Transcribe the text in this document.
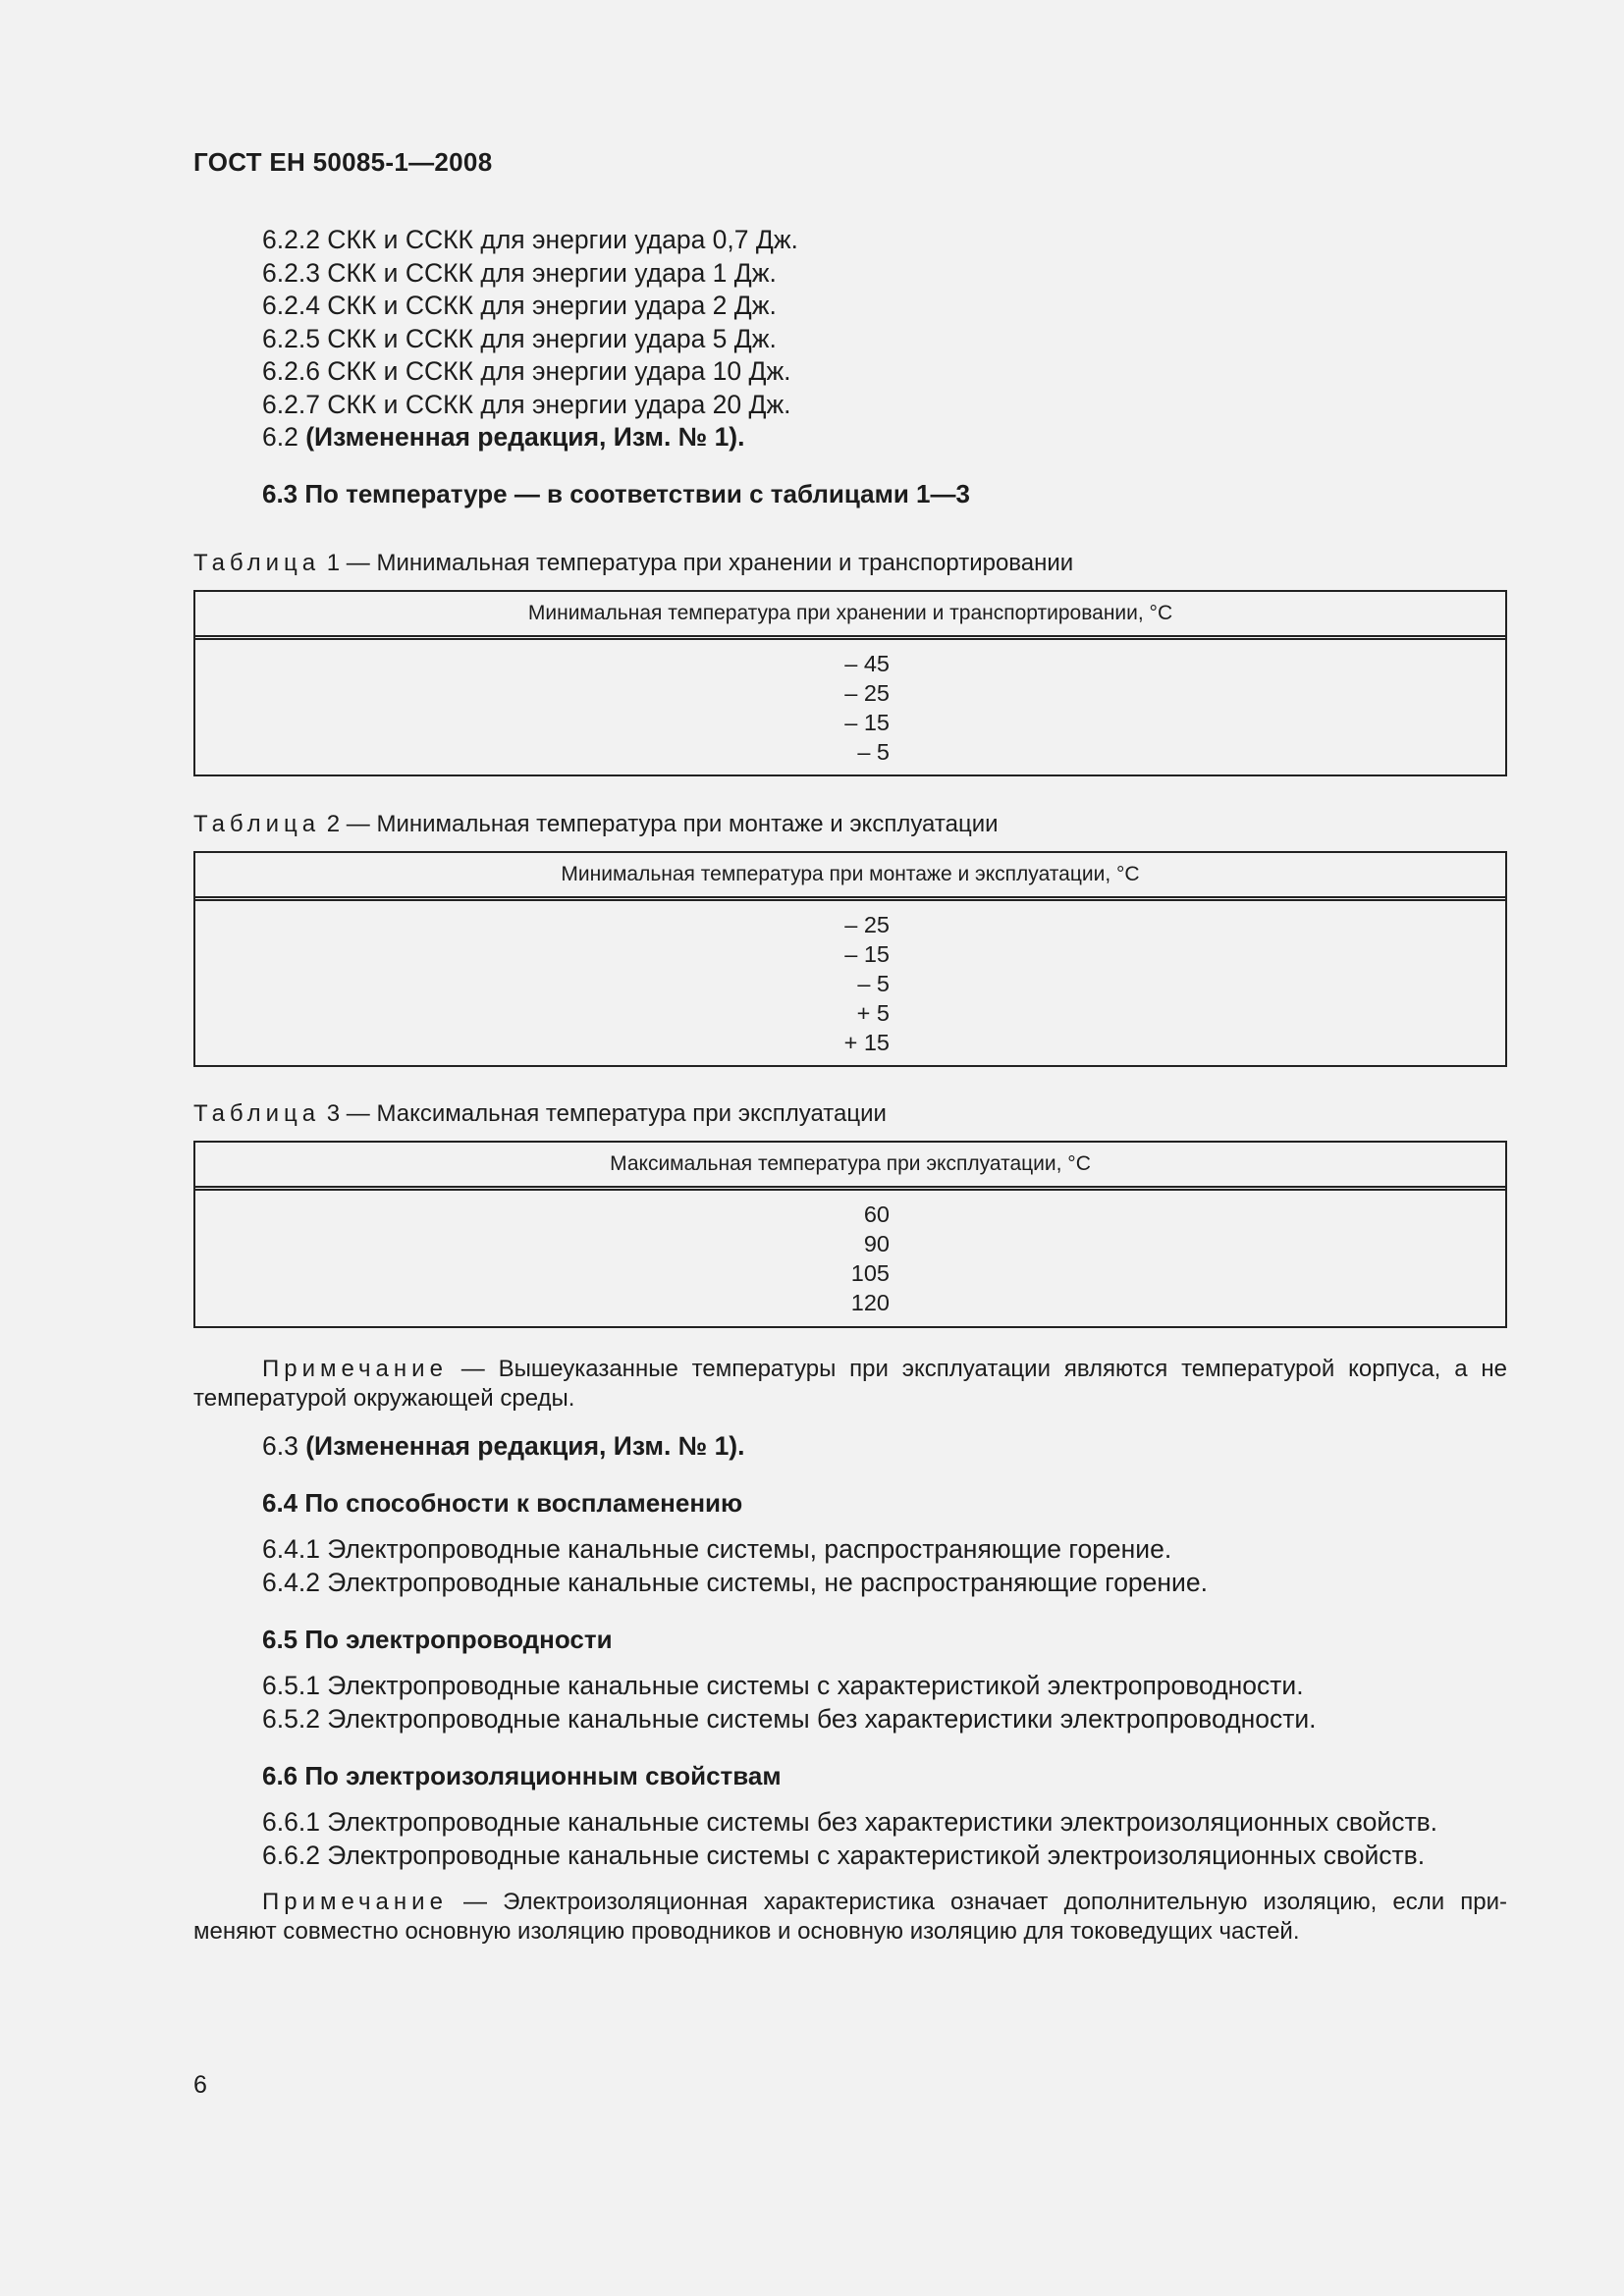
ГОСТ ЕН 50085-1—2008
6.2.2 СКК и ССКК для энергии удара 0,7 Дж.
6.2.3 СКК и ССКК для энергии удара 1 Дж.
6.2.4 СКК и ССКК для энергии удара 2 Дж.
6.2.5 СКК и ССКК для энергии удара 5 Дж.
6.2.6 СКК и ССКК для энергии удара 10 Дж.
6.2.7 СКК и ССКК для энергии удара 20 Дж.
6.2 (Измененная редакция, Изм. № 1).
6.3 По температуре — в соответствии с таблицами 1—3
Таблица 1 — Минимальная температура при хранении и транспортировании
Минимальная температура при хранении и транспортировании, °С
– 45
– 25
– 15
– 5
Таблица 2 — Минимальная температура при монтаже и эксплуатации
Минимальная температура при монтаже и эксплуатации, °С
– 25
– 15
– 5
+ 5
+ 15
Таблица 3 — Максимальная температура при эксплуатации
Максимальная температура при эксплуатации, °С
60
90
105
120
Примечание — Вышеуказанные температуры при эксплуатации являются температурой корпуса, а не температурой окружающей среды.
6.3 (Измененная редакция, Изм. № 1).
6.4 По способности к воспламенению
6.4.1 Электропроводные канальные системы, распространяющие горение.
6.4.2 Электропроводные канальные системы, не распространяющие горение.
6.5 По электропроводности
6.5.1 Электропроводные канальные системы с характеристикой электропроводности.
6.5.2 Электропроводные канальные системы без характеристики электропроводности.
6.6 По электроизоляционным свойствам
6.6.1 Электропроводные канальные системы без характеристики электроизоляционных свойств.
6.6.2 Электропроводные канальные системы с характеристикой электроизоляционных свойств.
Примечание — Электроизоляционная характеристика означает дополнительную изоляцию, если применяют совместно основную изоляцию проводников и основную изоляцию для токоведущих частей.
6
